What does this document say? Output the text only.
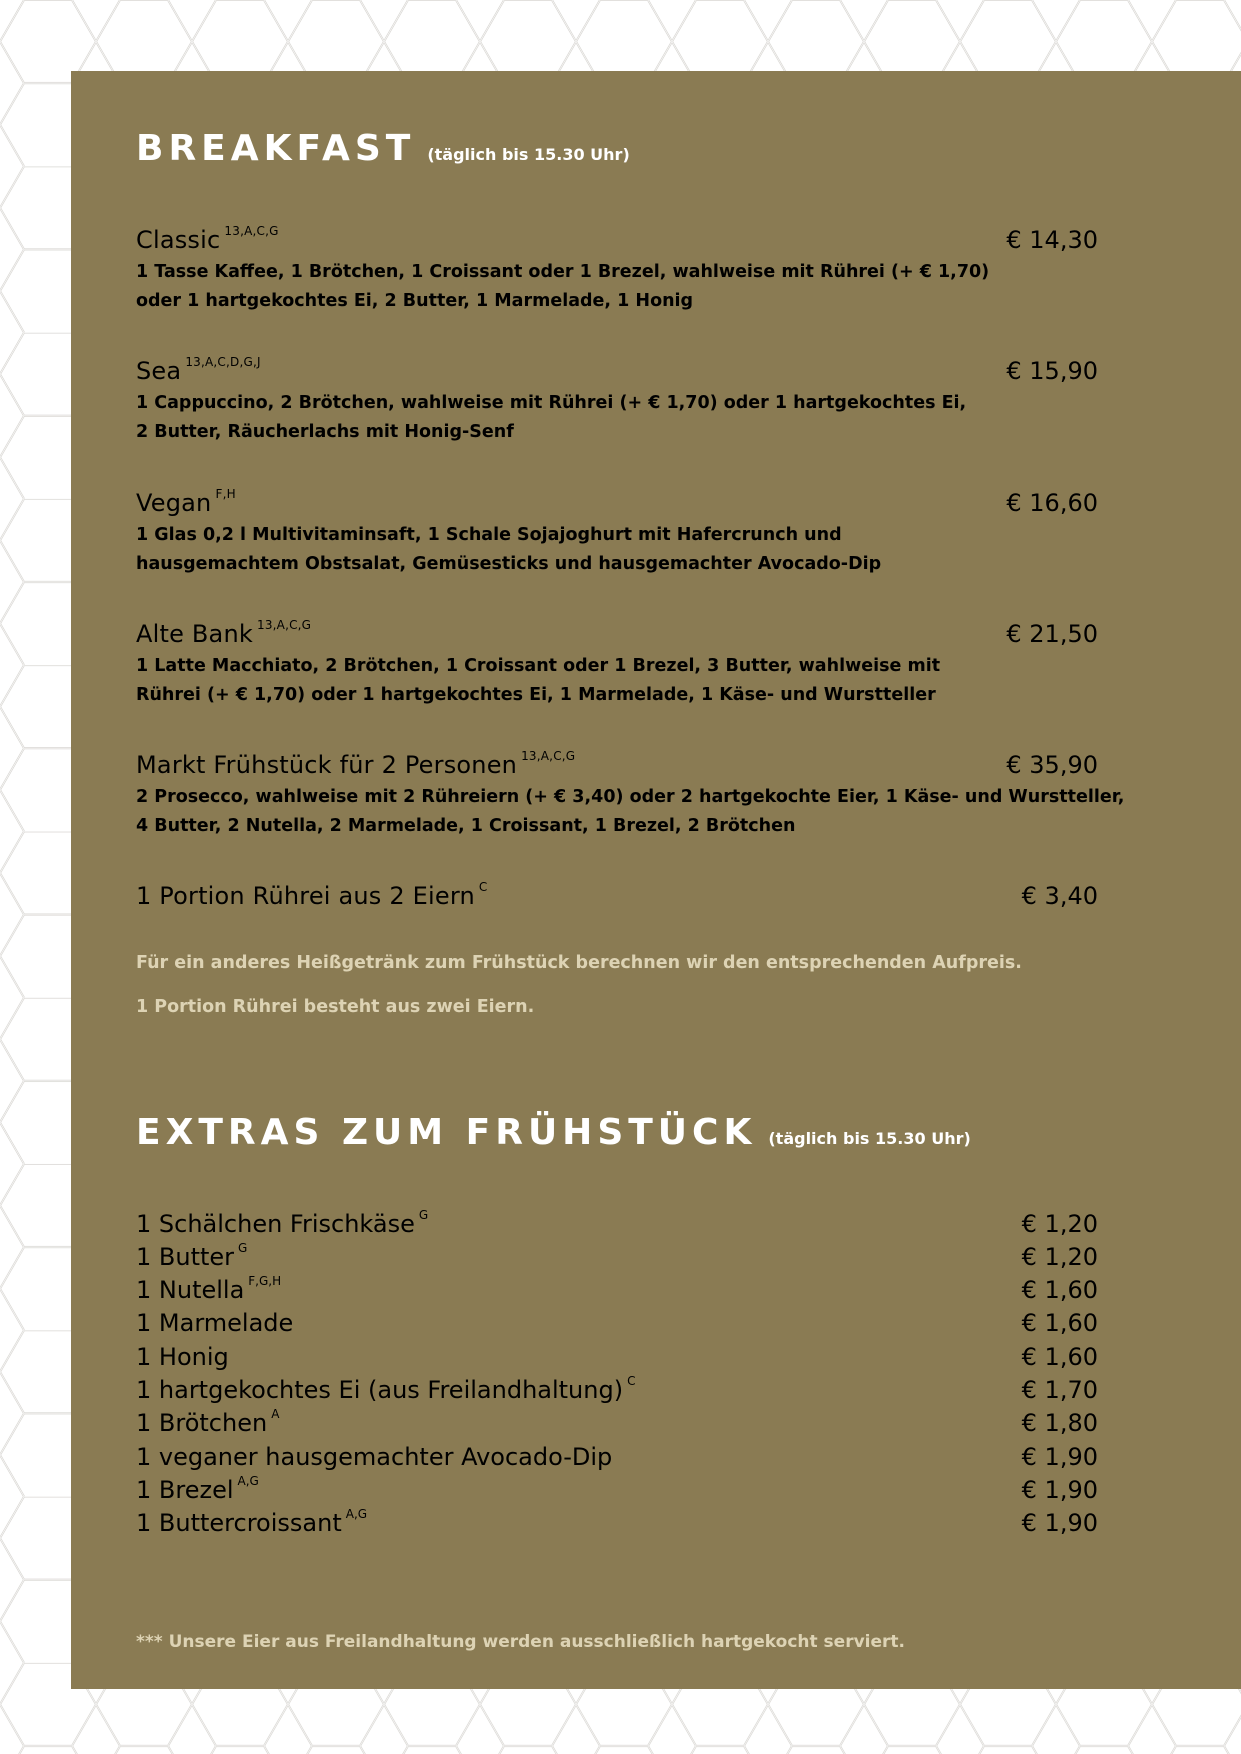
BREAKFAST (täglich bis 15.30 Uhr)
Classic $^{13,A,C,G}$	€ 14,30
1 Tasse Kaffee, 1 Brötchen, 1 Croissant oder 1 Brezel, wahlweise mit Rührei (+ € 1,70)
oder 1 hartgekochtes Ei, 2 Butter, 1 Marmelade, 1 Honig
Sea $^{13,A,C,D,G,J}$	€ 15,90
1 Cappuccino, 2 Brötchen, wahlweise mit Rührei (+ € 1,70) oder 1 hartgekochtes Ei,
2 Butter, Räucherlachs mit Honig-Senf
Vegan $^{F,H}$	€ 16,60
1 Glas 0,2 l Multivitaminsaft, 1 Schale Sojajoghurt mit Hafercrunch und
hausgemachtem Obstsalat, Gemüsesticks und hausgemachter Avocado-Dip
Alte Bank $^{13,A,C,G}$	€ 21,50
1 Latte Macchiato, 2 Brötchen, 1 Croissant oder 1 Brezel, 3 Butter, wahlweise mit
Rührei (+ € 1,70) oder 1 hartgekochtes Ei, 1 Marmelade, 1 Käse- und Wurstteller
Markt Frühstück für 2 Personen $^{13,A,C,G}$	€ 35,90
2 Prosecco, wahlweise mit 2 Rühreiern (+ € 3,40) oder 2 hartgekochte Eier, 1 Käse- und Wurstteller,
4 Butter, 2 Nutella, 2 Marmelade, 1 Croissant, 1 Brezel, 2 Brötchen
1 Portion Rührei aus 2 Eiern $^C$	€ 3,40
Für ein anderes Heißgetränk zum Frühstück berechnen wir den entsprechenden Aufpreis.
1 Portion Rührei besteht aus zwei Eiern.
EXTRAS ZUM FRÜHSTÜCK (täglich bis 15.30 Uhr)
1 Schälchen Frischkäse $^G$	€ 1,20
1 Butter $^G$	€ 1,20
1 Nutella $^{F,G,H}$	€ 1,60
1 Marmelade	€ 1,60
1 Honig	€ 1,60
1 hartgekochtes Ei (aus Freilandhaltung) $^C$	€ 1,70
1 Brötchen $^A$	€ 1,80
1 veganer hausgemachter Avocado-Dip	€ 1,90
1 Brezel $^{A,G}$	€ 1,90
1 Buttercroissant $^{A,G}$	€ 1,90
*** Unsere Eier aus Freilandhaltung werden ausschließlich hartgekocht serviert.
